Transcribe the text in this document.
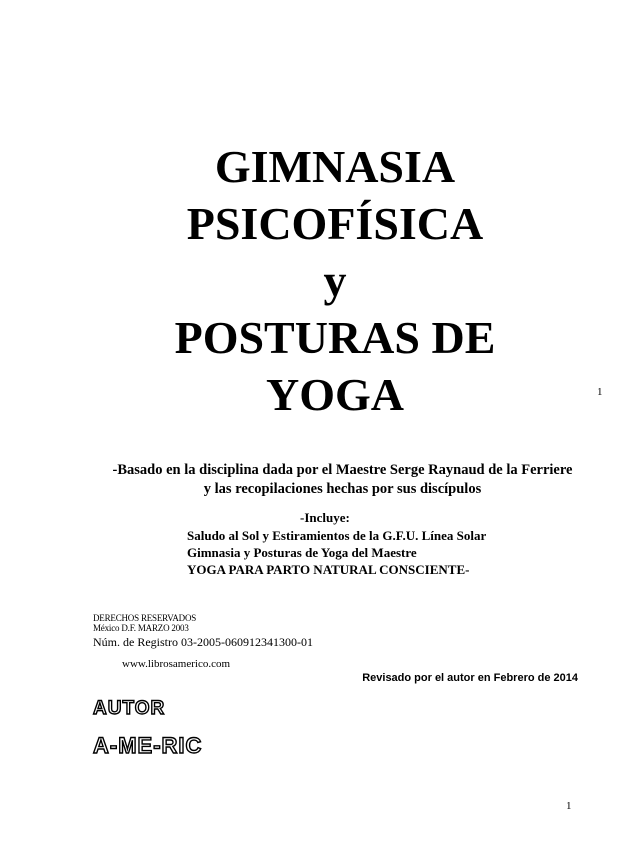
GIMNASIA
PSICOFÍSICA
y
POSTURAS DE
YOGA	1
-Basado en la disciplina dada por el Maestre Serge Raynaud de la Ferriere
y las recopilaciones hechas por sus discípulos
-Incluye:
Saludo al Sol y Estiramientos de la G.F.U. Línea Solar
Gimnasia y Posturas de Yoga del Maestre
YOGA PARA PARTO NATURAL CONSCIENTE-
DERECHOS RESERVADOS
México D.F. MARZO 2003
Núm. de Registro 03-2005-060912341300-01
www.librosamerico.com
Revisado por el autor en Febrero de 2014
AUTOR
A-ME-RIC
1
